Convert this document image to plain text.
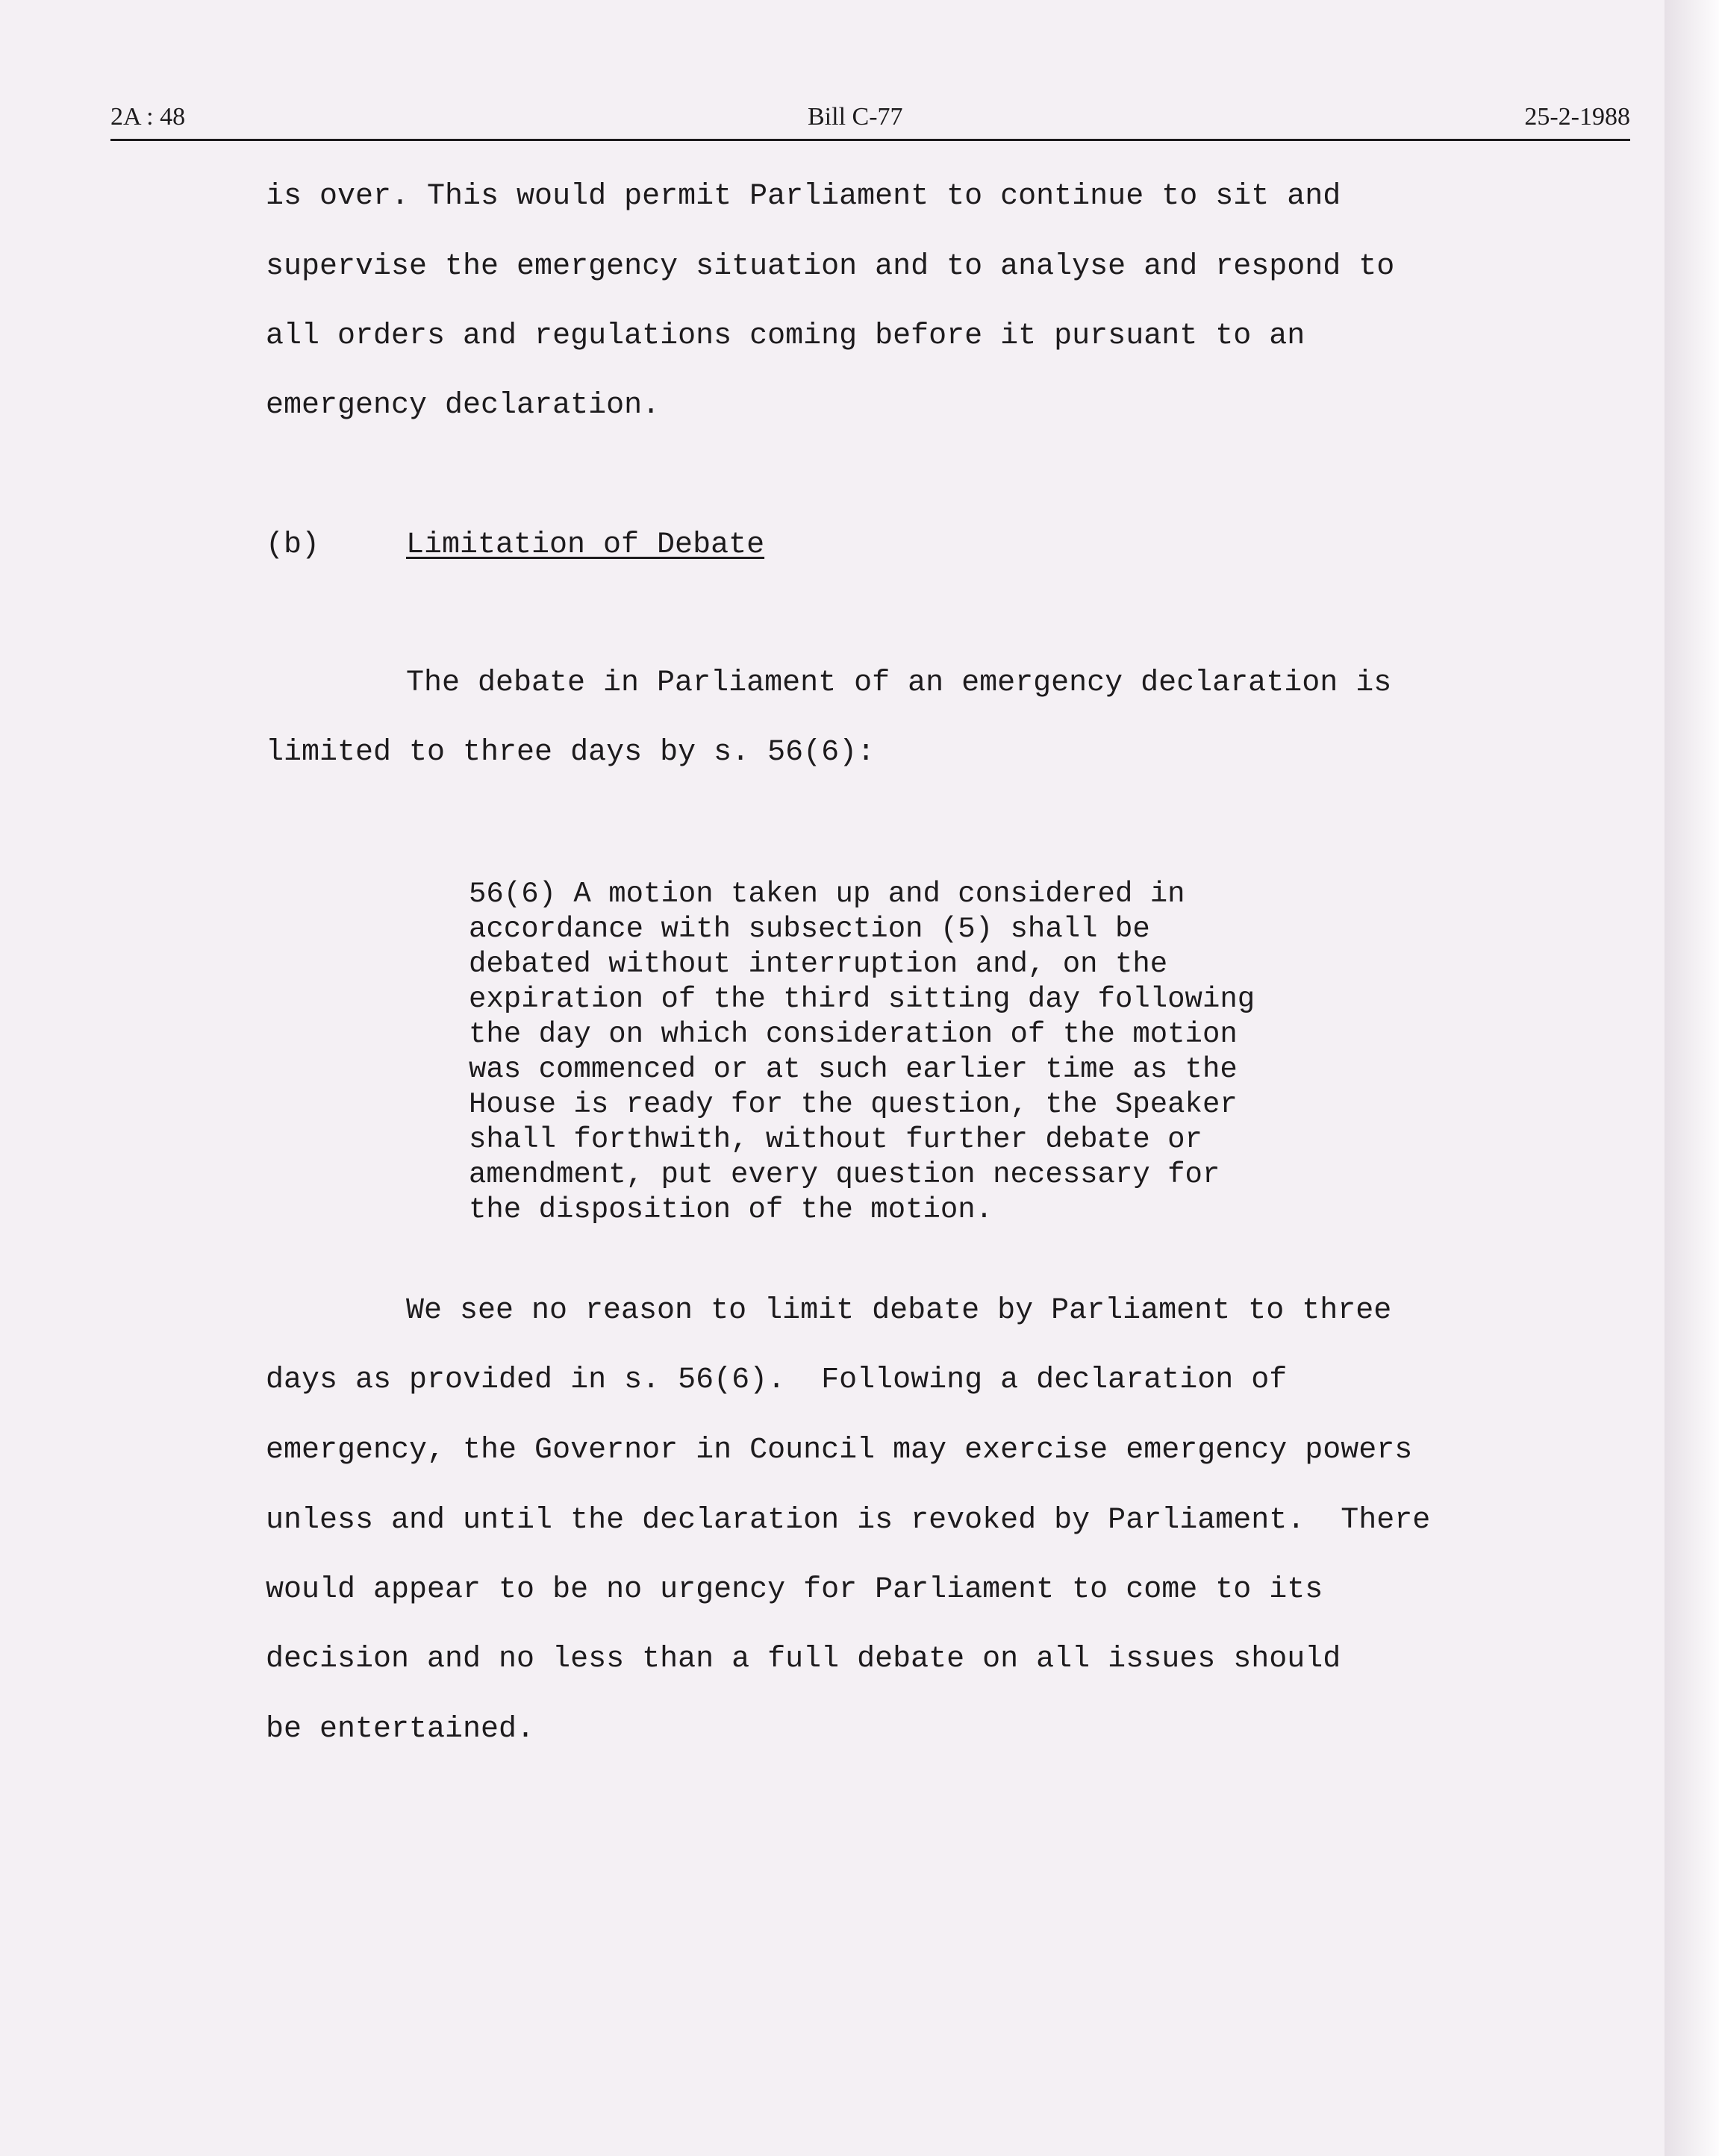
2A : 48	Bill C-77	25-2-1988
is over. This would permit Parliament to continue to sit and
supervise the emergency situation and to analyse and respond to
all orders and regulations coming before it pursuant to an
emergency declaration.
(b)	Limitation of Debate
The debate in Parliament of an emergency declaration is
limited to three days by s. 56(6):
56(6) A motion taken up and considered in
accordance with subsection (5) shall be
debated without interruption and, on the
expiration of the third sitting day following
the day on which consideration of the motion
was commenced or at such earlier time as the
House is ready for the question, the Speaker
shall forthwith, without further debate or
amendment, put every question necessary for
the disposition of the motion.
We see no reason to limit debate by Parliament to three
days as provided in s. 56(6).  Following a declaration of
emergency, the Governor in Council may exercise emergency powers
unless and until the declaration is revoked by Parliament.  There
would appear to be no urgency for Parliament to come to its
decision and no less than a full debate on all issues should
be entertained.
